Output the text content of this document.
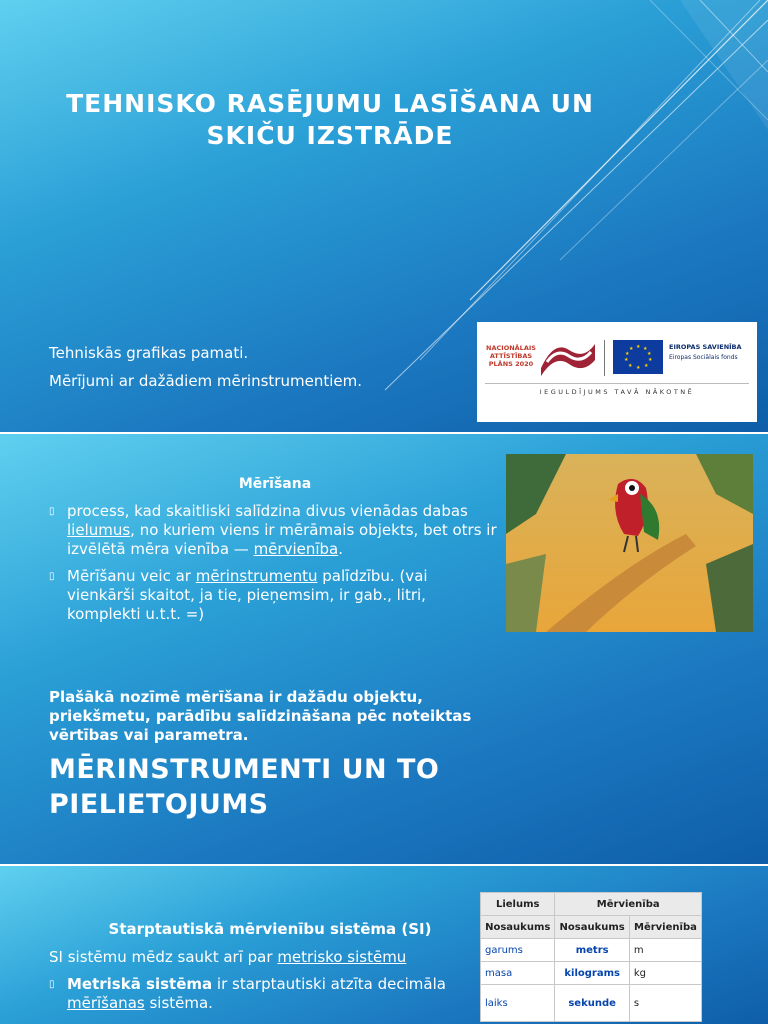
TEHNISKO RASĒJUMU LASĪŠANA UN SKIČU IZSTRĀDE
Tehniskās grafikas pamati.
Mērījumi ar dažādiem mērinstrumentiem.
NACIONĀLAIS ATTĪSTĪBAS PLĀNS 2020
★ ★
★
★
★
★
★
★
★
★	EIROPAS SAVIENĪBA
Eiropas Sociālais fonds
IEGULDĪJUMS TAVĀ NĀKOTNĒ
Mērīšana
▯ process, kad skaitliski salīdzina divus vienādas dabas lielumus, no kuriem viens ir mērāmais objekts, bet otrs ir izvēlētā mēra vienība — mērvienība.
▯ Mērīšanu veic ar mērinstrumentu palīdzību. (vai vienkārši skaitot, ja tie, pieņemsim, ir gab., litri, komplekti u.t.t. =)
Plašākā nozīmē mērīšana ir dažādu objektu, priekšmetu, parādību salīdzināšana pēc noteiktas vērtības vai parametra.
MĒRINSTRUMENTI UN TO
PIELIETOJUMS
Starptautiskā mērvienību sistēma (SI)
SI sistēmu mēdz saukt arī par metrisko sistēmu
▯ Metriskā sistēma ir starptautiski atzīta decimāla mērīšanas sistēma.
Lielums	Mērvienība	
Nosaukums	Nosaukums	Mērvienība
garums	metrs	m
masa	kilograms	kg
laiks	sekunde	s
